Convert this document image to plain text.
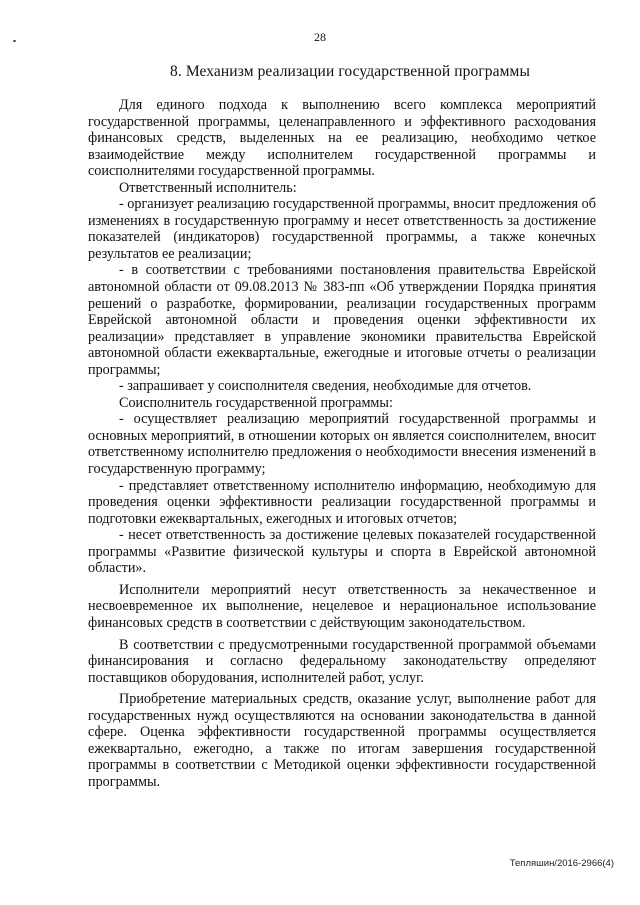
28
8. Механизм реализации государственной программы

Для единого подхода к выполнению всего комплекса мероприятий государственной программы, целенаправленного и эффективного расходования финансовых средств, выделенных на ее реализацию, необходимо четкое взаимодействие между исполнителем государственной программы и соисполнителями государственной программы.

Ответственный исполнитель:

- организует реализацию государственной программы, вносит предложения об изменениях в государственную программу и несет ответственность за достижение показателей (индикаторов) государственной программы, а также конечных результатов ее реализации;

- в соответствии с требованиями постановления правительства Еврейской автономной области от 09.08.2013 № 383-пп «Об утверждении Порядка принятия решений о разработке, формировании, реализации государственных программ Еврейской автономной области и проведения оценки эффективности их реализации» представляет в управление экономики правительства Еврейской автономной области ежеквартальные, ежегодные и итоговые отчеты о реализации программы;

- запрашивает у соисполнителя сведения, необходимые для отчетов.

Соисполнитель государственной программы:

- осуществляет реализацию мероприятий государственной программы и основных мероприятий, в отношении которых он является соисполнителем, вносит ответственному исполнителю предложения о необходимости внесения изменений в государственную программу;

- представляет ответственному исполнителю информацию, необходимую для проведения оценки эффективности реализации государственной программы и подготовки ежеквартальных, ежегодных и итоговых отчетов;

- несет ответственность за достижение целевых показателей государственной программы «Развитие физической культуры и спорта в Еврейской автономной области».

Исполнители мероприятий несут ответственность за некачественное и несвоевременное их выполнение, нецелевое и нерациональное использование финансовых средств в соответствии с действующим законодательством.

В соответствии с предусмотренными государственной программой объемами финансирования и согласно федеральному законодательству определяют поставщиков оборудования, исполнителей работ, услуг.

Приобретение материальных средств, оказание услуг, выполнение работ для государственных нужд осуществляются на основании законодательства в данной сфере. Оценка эффективности государственной программы осуществляется ежеквартально, ежегодно, а также по итогам завершения государственной программы в соответствии с Методикой оценки эффективности государственной программы.

Тепляшин/2016-2966(4)
